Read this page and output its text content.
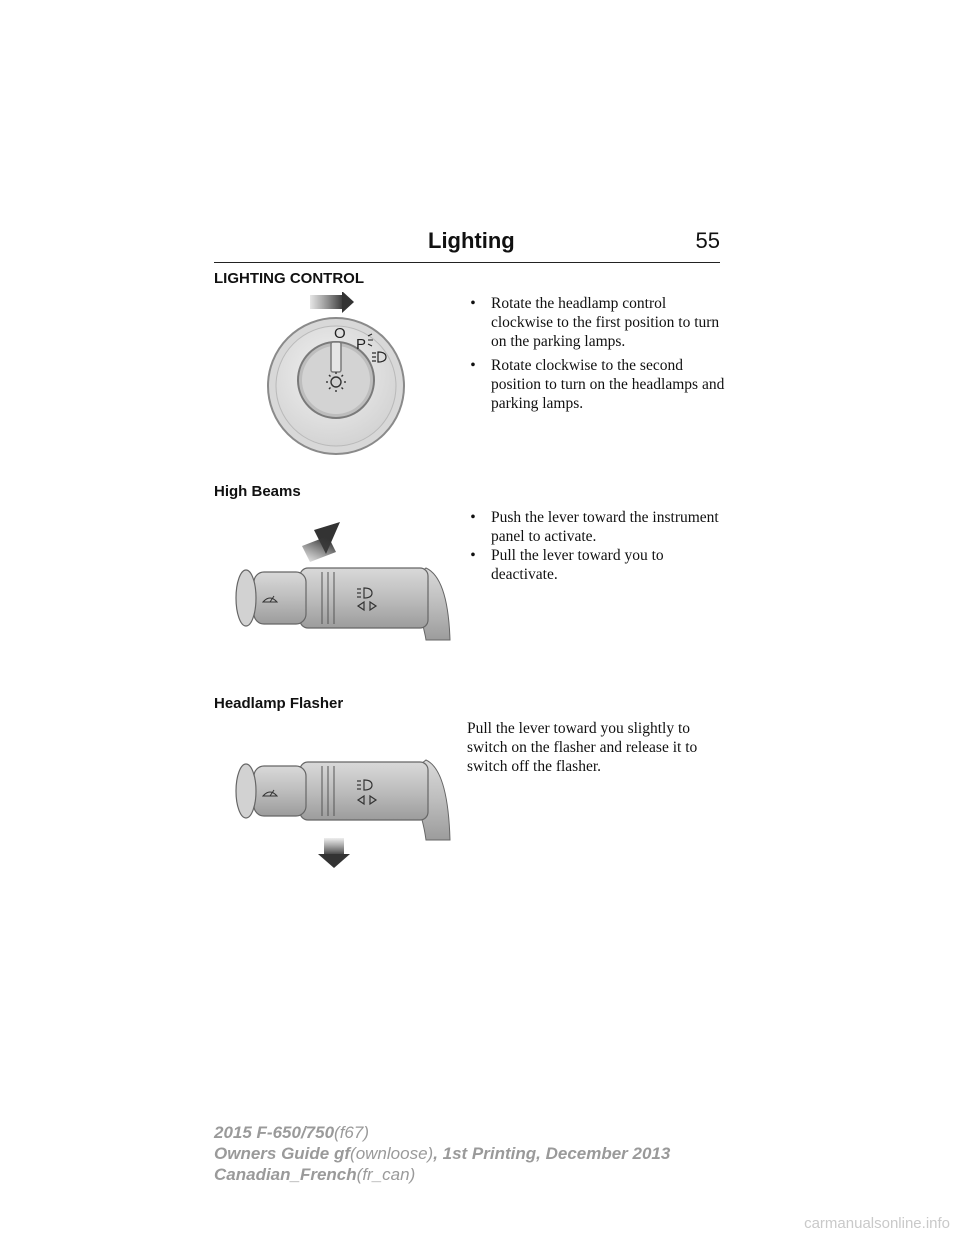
Lighting	55
LIGHTING CONTROL
O
P
• Rotate the headlamp control clockwise to the first position to turn on the parking lamps.
• Rotate clockwise to the second position to turn on the headlamps and parking lamps.
High Beams
• Push the lever toward the instrument panel to activate.
• Pull the lever toward you to deactivate.
Headlamp Flasher
Pull the lever toward you slightly to switch on the flasher and release it to switch off the flasher.
2015 F-650/750(f67)
Owners Guide gf(ownloose), 1st Printing, December 2013
Canadian_French(fr_can)
carmanualsonline.info
